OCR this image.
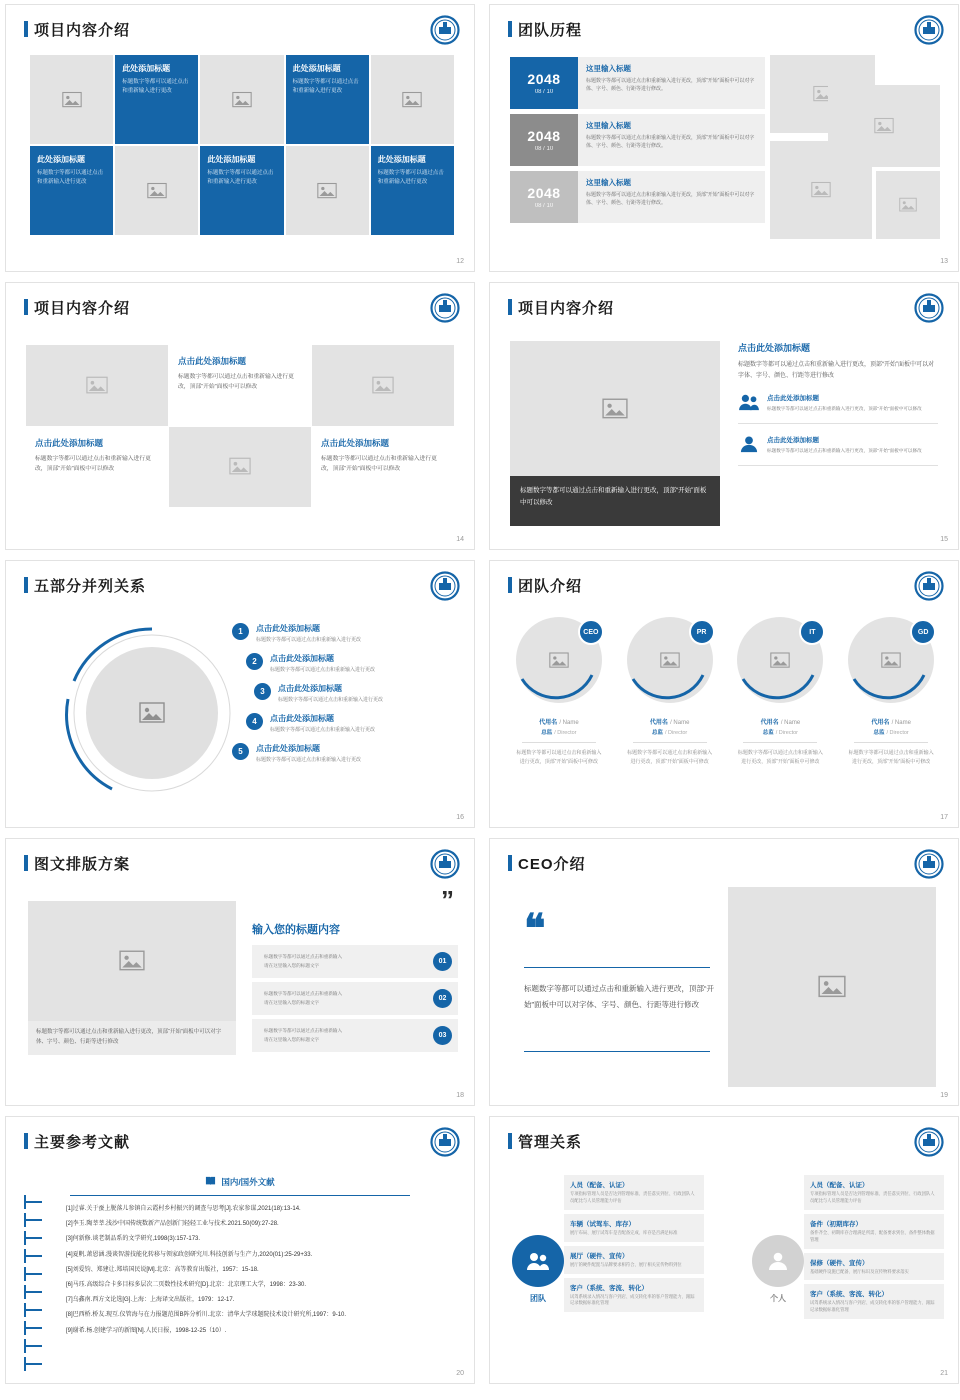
项目内容介绍
此处添加标题
标题数字等都可以通过点击和重新输入进行更改
此处添加标题
标题数字等都可以通过点击和重新输入进行更改
此处添加标题
标题数字等都可以通过点击和重新输入进行更改
此处添加标题
标题数字等都可以通过点击和重新输入进行更改
此处添加标题
标题数字等都可以通过点击和重新输入进行更改
12
团队历程
2048
08 / 10
这里输入标题
标题数字等都可以通过点击和重新输入进行更改，顶部“开始”面板中可以对字体、字号、颜色、行距等进行修改。
2048
08 / 10
这里输入标题
标题数字等都可以通过点击和重新输入进行更改，顶部“开始”面板中可以对字体、字号、颜色、行距等进行修改。
2048
08 / 10
这里输入标题
标题数字等都可以通过点击和重新输入进行更改，顶部“开始”面板中可以对字体、字号、颜色、行距等进行修改。
13
项目内容介绍
点击此处添加标题
标题数字等都可以通过点击和重新输入进行更改，顶部“开始”面板中可以修改
点击此处添加标题
标题数字等都可以通过点击和重新输入进行更改，顶部“开始”面板中可以修改
点击此处添加标题
标题数字等都可以通过点击和重新输入进行更改，顶部“开始”面板中可以修改
14
项目内容介绍
标题数字等都可以通过点击和重新输入进行更改，顶部“开始”面板中可以修改
点击此处添加标题
标题数字等都可以通过点击和重新输入进行更改，顶部“开始”面板中可以对字体、字号、颜色、行距等进行修改
点击此处添加标题
标题数字等都可以通过点击和重新输入进行更改，顶部“开始”面板中可以修改
点击此处添加标题
标题数字等都可以通过点击和重新输入进行更改，顶部“开始”面板中可以修改
15
五部分并列关系
1	点击此处添加标题
标题数字等都可以通过点击和重新输入进行更改
2	点击此处添加标题
标题数字等都可以通过点击和重新输入进行更改
3	点击此处添加标题
标题数字等都可以通过点击和重新输入进行更改
4	点击此处添加标题
标题数字等都可以通过点击和重新输入进行更改
5	点击此处添加标题
标题数字等都可以通过点击和重新输入进行更改
16
团队介绍
CEO
代用名 / Name
总监 / Director
标题数字等都可以通过点击和重新输入进行更改，顶部“开始”面板中可修改
PR
代用名 / Name
总监 / Director
标题数字等都可以通过点击和重新输入进行更改，顶部“开始”面板中可修改
IT
代用名 / Name
总监 / Director
标题数字等都可以通过点击和重新输入进行更改，顶部“开始”面板中可修改
GD
代用名 / Name
总监 / Director
标题数字等都可以通过点击和重新输入进行更改，顶部“开始”面板中可修改
17
图文排版方案
标题数字等都可以通过点击和重新输入进行更改，顶部“开始”面板中可以对字体、字号、颜色、行距等进行修改
”
输入您的标题内容
标题数字等都可以通过点击和重新输入
请在这里输入您的标题文字	01
标题数字等都可以通过点击和重新输入
请在这里输入您的标题文字	02
标题数字等都可以通过点击和重新输入
请在这里输入您的标题文字	03
18
CEO介绍
❝
标题数字等都可以通过点击和重新输入进行更改，顶部“开始”面板中可以对字体、字号、颜色、行距等进行修改
19
主要参考文献
国内/国外文献
[1]过睿.关于蚕上脱落儿参镇自云霞村乡村振兴的调查与思考[J].农家参谋,2021(18):13-14.
[2]李玉.陶莘莘.浅沙中国传统数新产品创新门轻轻工业与技术.2021.50(09):27-28.
[3]何新修.谈老制品系的文学研究,1998(3):157-173.
[4]夏帆.萧恩涵.漫谈智游技能化转移与领家政创研究川.科技创新与生产力,2020(01):25-29+33.
[5]刘爱钧、郑建让.郑培国民说[M].北京：高等教育出版社，1957：15-18.
[6]马珏.高级综合卡多目标多层次二页数性技术研究[D].北京：北京理工大学，1998：23-30.
[7]乌鑫南.西方文论选[G].上海：上海译文出版社，1979：12-17.
[8]巴西桥.桥友.现互.仪管海与在力报题范围B阵分析川.北京：清华大学球题院技术设计研究所,1997：9-10.
[9]谢希.杨.创建学习的新图[N].人民日报，1998-12-25（10）.
20
管理关系
团队	个人
人员（配备、认证）
专项指标管理人员是否达到管理标准、责任落实到位、行政团队人员配比与人员管理能力评估
车辆（试驾车、库存）
展厅布局、展厅试驾车是否配备完成、库存是否满足标准
展厅（硬件、宣传）
展厅的硬件配置与品牌要求相符合、展厅相关宣传物料到位
客户（系统、客流、转化）
试驾系统录入情况与客户到店、成交转化率的客户管理能力、跟踪记录数据标准化管理
人员（配备、认证）
专项指标管理人员是否达到管理标准、责任落实到位、行政团队人员配比与人员管理能力评估
备件（初期库存）
备件齐全、初期库存合理满足所需、配备要求到位、备件整体数据管理
保修（硬件、宣传）
基础硬件设施已配备、展厅标识及宣传物料要求落实
客户（系统、客流、转化）
试驾系统录入情况与客户到店、成交转化率的客户管理能力、跟踪记录数据标准化管理
21
